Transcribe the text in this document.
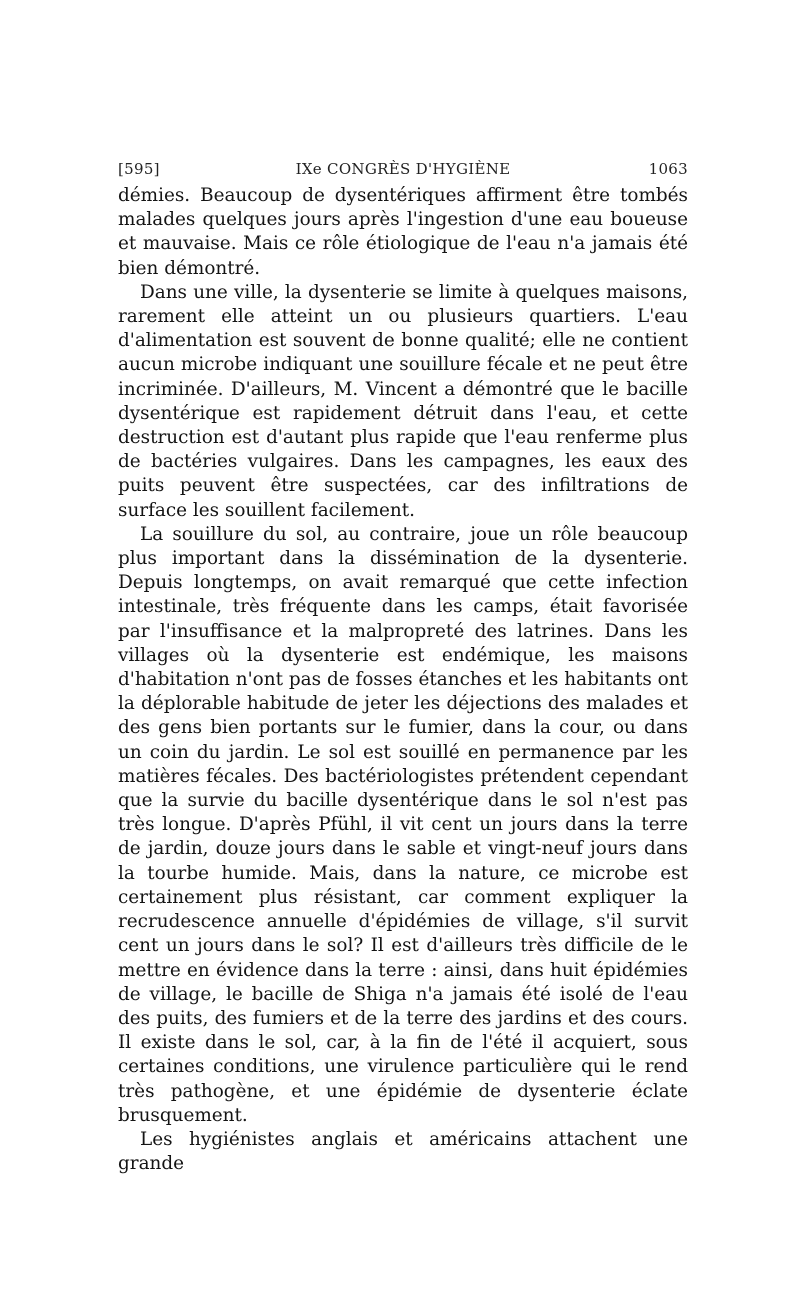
[595]	IXe CONGRÈS D'HYGIÈNE	1063

démies. Beaucoup de dysentériques affirment être tombés malades quelques jours après l'ingestion d'une eau boueuse et mauvaise. Mais ce rôle étiologique de l'eau n'a jamais été bien démontré.

Dans une ville, la dysenterie se limite à quelques maisons, rarement elle atteint un ou plusieurs quartiers. L'eau d'alimentation est souvent de bonne qualité; elle ne contient aucun microbe indiquant une souillure fécale et ne peut être incriminée. D'ailleurs, M. Vincent a démontré que le bacille dysentérique est rapidement détruit dans l'eau, et cette destruction est d'autant plus rapide que l'eau renferme plus de bactéries vulgaires. Dans les campagnes, les eaux des puits peuvent être suspectées, car des infiltrations de surface les souillent facilement.

La souillure du sol, au contraire, joue un rôle beaucoup plus important dans la dissémination de la dysenterie. Depuis longtemps, on avait remarqué que cette infection intestinale, très fréquente dans les camps, était favorisée par l'insuffisance et la malpropreté des latrines. Dans les villages où la dysenterie est endémique, les maisons d'habitation n'ont pas de fosses étanches et les habitants ont la déplorable habitude de jeter les déjections des malades et des gens bien portants sur le fumier, dans la cour, ou dans un coin du jardin. Le sol est souillé en permanence par les matières fécales. Des bactériologistes prétendent cependant que la survie du bacille dysentérique dans le sol n'est pas très longue. D'après Pfühl, il vit cent un jours dans la terre de jardin, douze jours dans le sable et vingt-neuf jours dans la tourbe humide. Mais, dans la nature, ce microbe est certainement plus résistant, car comment expliquer la recrudescence annuelle d'épidémies de village, s'il survit cent un jours dans le sol? Il est d'ailleurs très difficile de le mettre en évidence dans la terre : ainsi, dans huit épidémies de village, le bacille de Shiga n'a jamais été isolé de l'eau des puits, des fumiers et de la terre des jardins et des cours. Il existe dans le sol, car, à la fin de l'été il acquiert, sous certaines conditions, une virulence particulière qui le rend très pathogène, et une épidémie de dysenterie éclate brusquement.

Les hygiénistes anglais et américains attachent une grande
